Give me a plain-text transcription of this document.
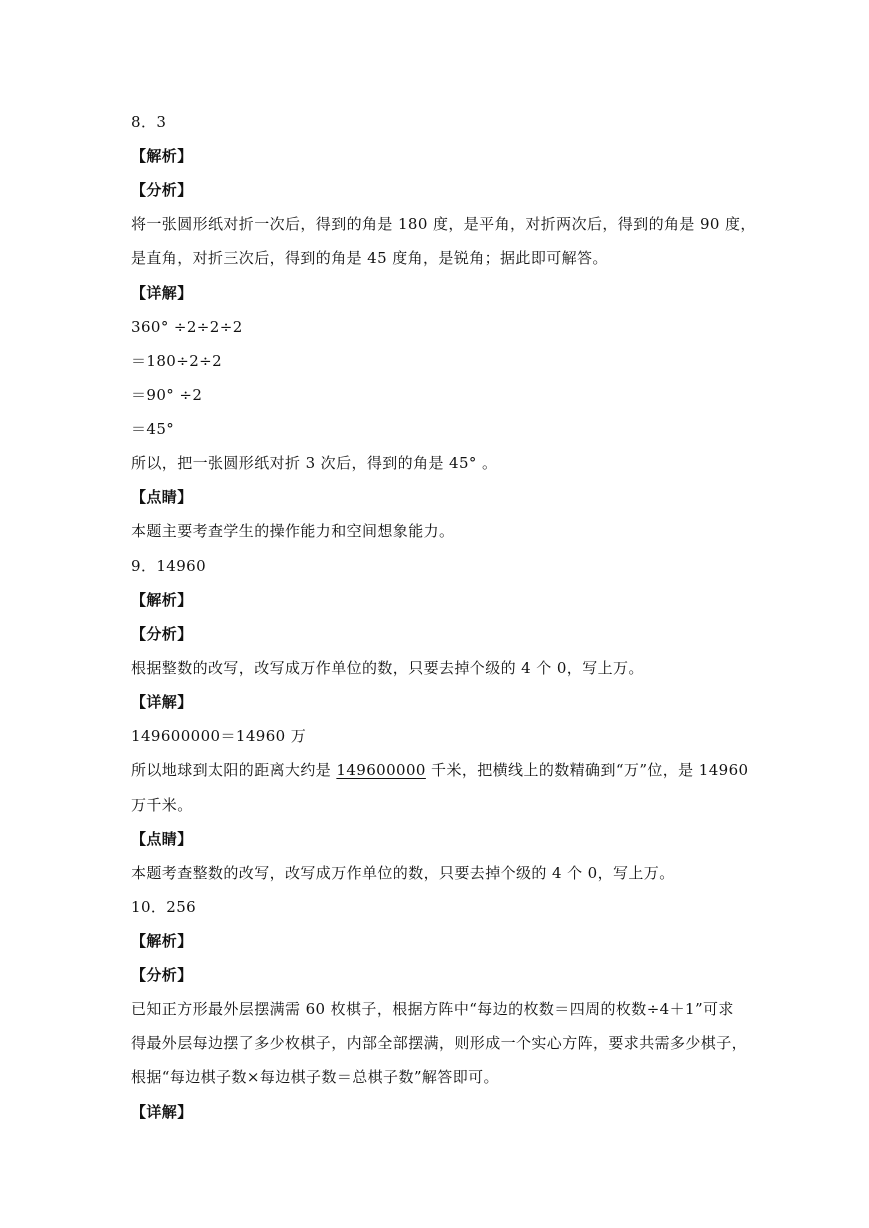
8．3
【解析】
【分析】
将一张圆形纸对折一次后，得到的角是 180 度，是平角，对折两次后，得到的角是 90 度，
是直角，对折三次后，得到的角是 45 度角，是锐角；据此即可解答。
【详解】
360° ÷2÷2÷2
＝180÷2÷2
＝90° ÷2
＝45°
所以，把一张圆形纸对折 3 次后，得到的角是 45° 。
【点睛】
本题主要考查学生的操作能力和空间想象能力。
9．14960
【解析】
【分析】
根据整数的改写，改写成万作单位的数，只要去掉个级的 4 个 0，写上万。
【详解】
149600000＝14960 万
所以地球到太阳的距离大约是 149600000 千米，把横线上的数精确到“万”位，是 14960
万千米。
【点睛】
本题考查整数的改写，改写成万作单位的数，只要去掉个级的 4 个 0，写上万。
10．256
【解析】
【分析】
已知正方形最外层摆满需 60 枚棋子，根据方阵中“每边的枚数＝四周的枚数÷4＋1”可求
得最外层每边摆了多少枚棋子，内部全部摆满，则形成一个实心方阵，要求共需多少棋子，
根据“每边棋子数×每边棋子数＝总棋子数”解答即可。
【详解】
